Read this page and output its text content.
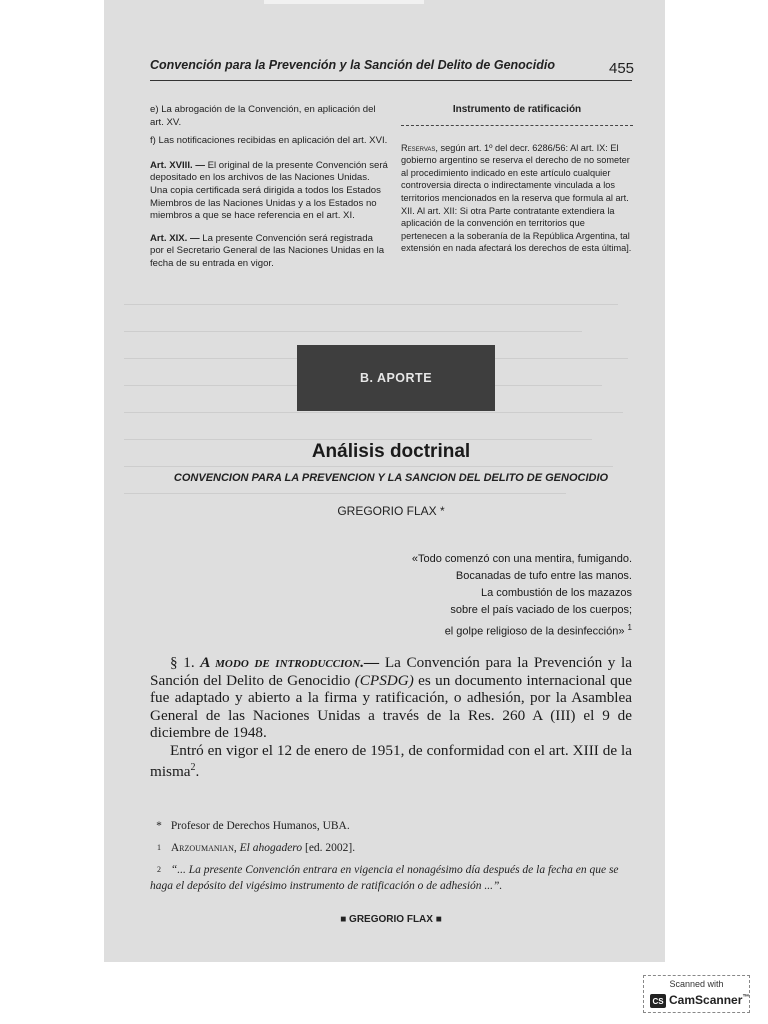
Convención para la Prevención y la Sanción del Delito de Genocidio	455

e) La abrogación de la Convención, en aplicación del art. XV.

f) Las notificaciones recibidas en aplicación del art. XVI.

Art. XVIII. — El original de la presente Convención será depositado en los archivos de las Naciones Unidas. Una copia certificada será dirigida a todos los Estados Miembros de las Naciones Unidas y a los Estados no miembros a que se hace referencia en el art. XI.

Art. XIX. — La presente Convención será registrada por el Secretario General de las Naciones Unidas en la fecha de su entrada en vigor.

Instrumento de ratificación

Reservas, según art. 1º del decr. 6286/56: Al art. IX: El gobierno argentino se reserva el derecho de no someter al procedimiento indicado en este artículo cualquier controversia directa o indirectamente vinculada a los territorios mencionados en la reserva que formula al art. XII. Al art. XII: Si otra Parte contratante extendiera la aplicación de la convención en territorios que pertenecen a la soberanía de la República Argentina, tal extensión en nada afectará los derechos de esta última].

B. APORTE
Análisis doctrinal
CONVENCION PARA LA PREVENCION Y LA SANCION DEL DELITO DE GENOCIDIO
GREGORIO FLAX *
«Todo comenzó con una mentira, fumigando.
Bocanadas de tufo entre las manos.
La combustión de los mazazos
sobre el país vaciado de los cuerpos;
el golpe religioso de la desinfección» $^1$

§ 1. A modo de introduccion.— La Convención para la Prevención y la Sanción del Delito de Genocidio (CPSDG) es un documento internacional que fue adaptado y abierto a la firma y ratificación, o adhesión, por la Asamblea General de las Naciones Unidas a través de la Res. 260 A (III) el 9 de diciembre de 1948.

Entró en vigor el 12 de enero de 1951, de conformidad con el art. XIII de la misma$^2$.

* Profesor de Derechos Humanos, UBA.
1 Arzoumanian, El ahogadero [ed. 2002].
2 “... La presente Convención entrara en vigencia el nonagésimo día después de la fecha en que se haga el depósito del vigésimo instrumento de ratificación o de adhesión ...”.
■ GREGORIO FLAX ■
Scanned with
CS CamScanner™
